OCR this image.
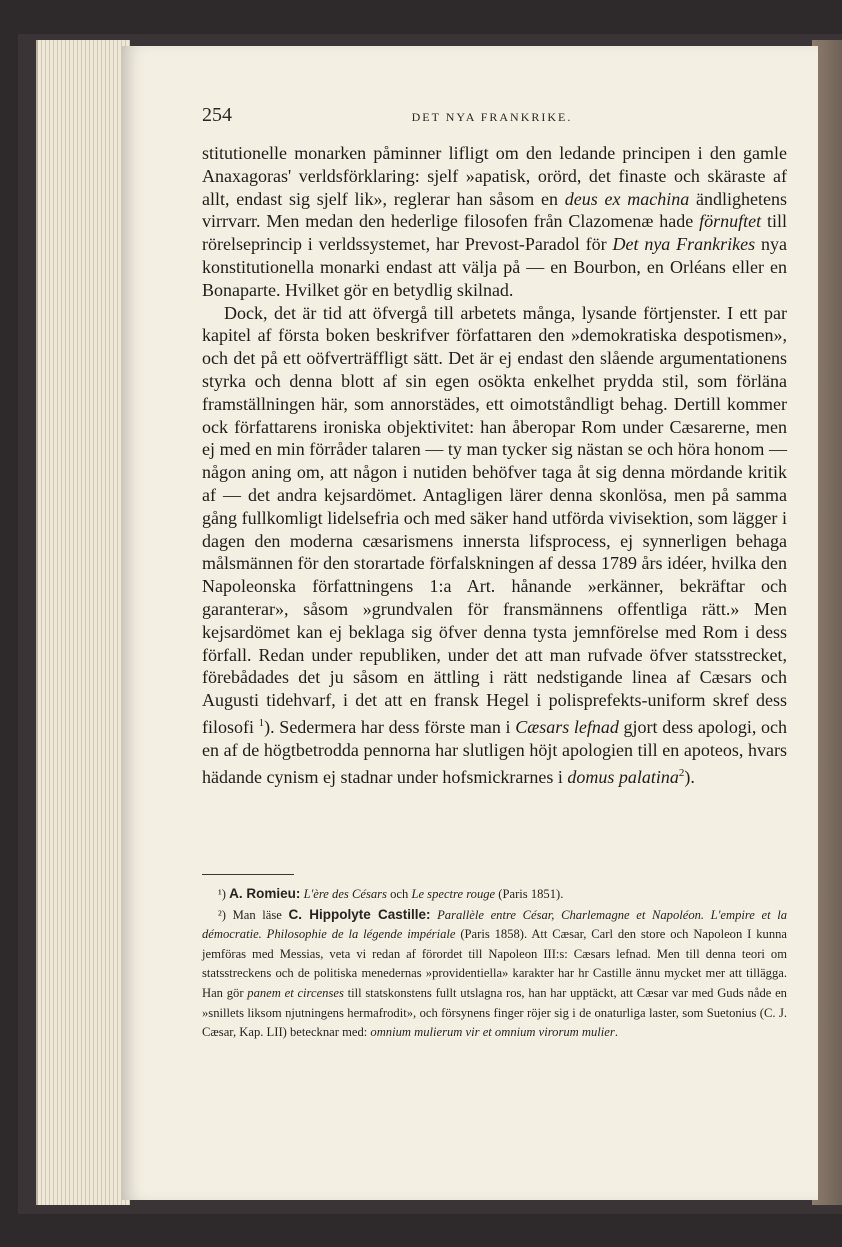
254	DET NYA FRANKRIKE.

stitutionelle monarken påminner lifligt om den ledande principen i den gamle Anaxagoras' verldsförklaring: sjelf »apatisk, orörd, det finaste och skäraste af allt, endast sig sjelf lik», reglerar han såsom en deus ex machina ändlighetens virrvarr. Men medan den hederlige filosofen från Clazomenæ hade förnuftet till rörelseprincip i verldssystemet, har Prevost-Paradol för Det nya Frankrikes nya konstitutionella monarki endast att välja på — en Bourbon, en Orléans eller en Bonaparte. Hvilket gör en betydlig skilnad.

Dock, det är tid att öfvergå till arbetets många, lysande förtjenster. I ett par kapitel af första boken beskrifver författaren den »demokratiska despotismen», och det på ett oöfverträffligt sätt. Det är ej endast den slående argumentationens styrka och denna blott af sin egen osökta enkelhet prydda stil, som förläna framställningen här, som annorstädes, ett oimotståndligt behag. Dertill kommer ock författarens ironiska objektivitet: han åberopar Rom under Cæsarerne, men ej med en min förråder talaren — ty man tycker sig nästan se och höra honom — någon aning om, att någon i nutiden behöfver taga åt sig denna mördande kritik af — det andra kejsardömet. Antagligen lärer denna skonlösa, men på samma gång fullkomligt lidelsefria och med säker hand utförda vivisektion, som lägger i dagen den moderna cæsarismens innersta lifsprocess, ej synnerligen behaga målsmännen för den storartade förfalskningen af dessa 1789 års idéer, hvilka den Napoleonska författningens 1:a Art. hånande »erkänner, bekräftar och garanterar», såsom »grundvalen för fransmännens offentliga rätt.» Men kejsardömet kan ej beklaga sig öfver denna tysta jemnförelse med Rom i dess förfall. Redan under republiken, under det att man rufvade öfver statsstrecket, förebådades det ju såsom en ättling i rätt nedstigande linea af Cæsars och Augusti tidehvarf, i det att en fransk Hegel i polisprefekts-uniform skref dess filosofi $^1$). Sedermera har dess förste man i Cæsars lefnad gjort dess apologi, och en af de högtbetrodda pennorna har slutligen höjt apologien till en apoteos, hvars hädande cynism ej stadnar under hofsmickrarnes i domus palatina$^2$).

¹) A. Romieu: L'ère des Césars och Le spectre rouge (Paris 1851).

²) Man läse C. Hippolyte Castille: Parallèle entre César, Charlemagne et Napoléon. L'empire et la démocratie. Philosophie de la légende impériale (Paris 1858). Att Cæsar, Carl den store och Napoleon I kunna jemföras med Messias, veta vi redan af förordet till Napoleon III:s: Cæsars lefnad. Men till denna teori om statsstreckens och de politiska menedernas »providentiella» karakter har hr Castille ännu mycket mer att tillägga. Han gör panem et circenses till statskonstens fullt utslagna ros, han har upptäckt, att Cæsar var med Guds nåde en »snillets liksom njutningens hermafrodit», och försynens finger röjer sig i de onaturliga laster, som Suetonius (C. J. Cæsar, Kap. LII) betecknar med: omnium mulierum vir et omnium virorum mulier.
